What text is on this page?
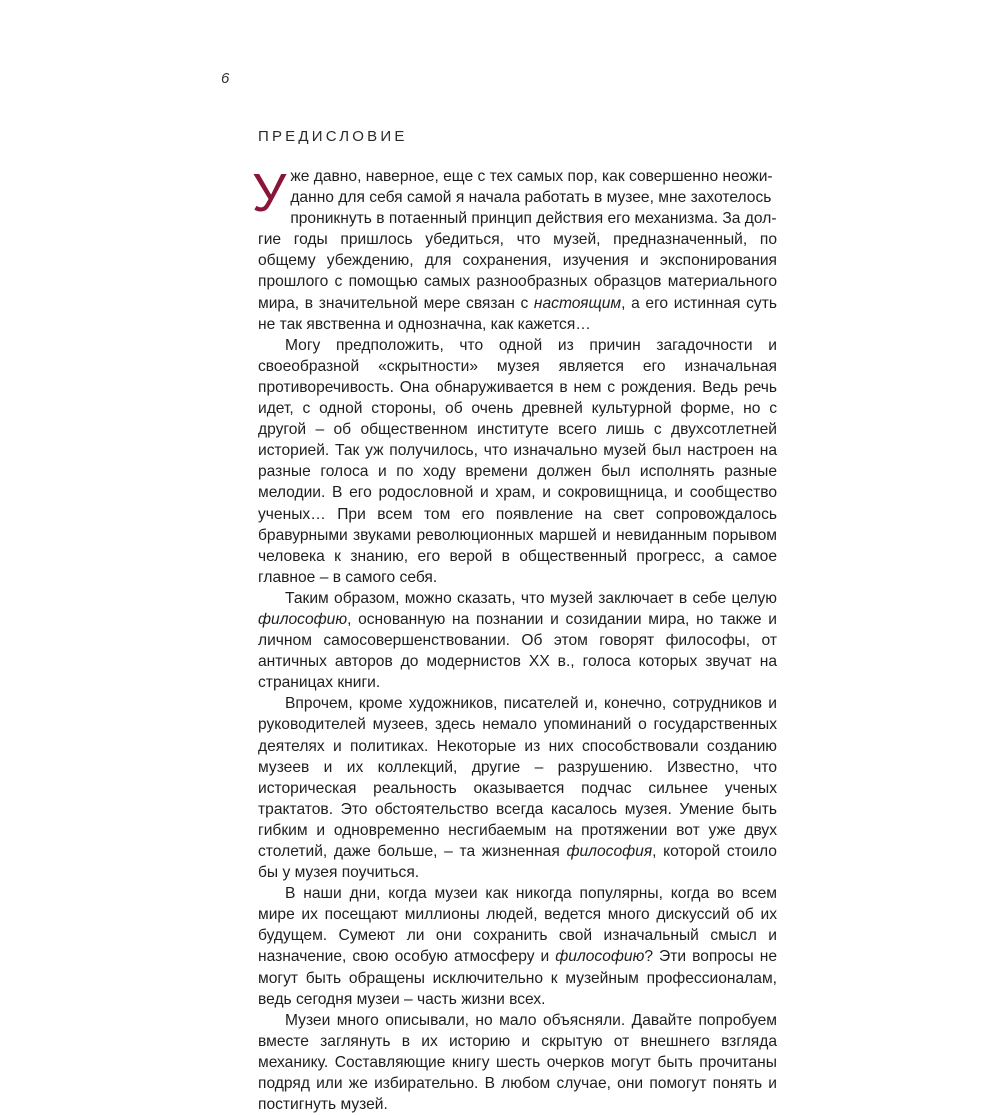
6
ПРЕДИСЛОВИЕ

У же давно, наверное, еще с тех самых пор, как совершенно неожи-
данно для себя самой я начала работать в музее, мне захотелось
проникнуть в потаенный принцип действия его механизма. За дол-
гие годы пришлось убедиться, что музей, предназначенный, по общему убеждению, для сохранения, изучения и экспонирования прошлого с помощью самых разнообразных образцов материального мира, в значительной мере связан с настоящим, а его истинная суть не так явственна и однозначна, как кажется…

Могу предположить, что одной из причин загадочности и своеобразной «скрытности» музея является его изначальная противоречивость. Она обнаруживается в нем с рождения. Ведь речь идет, с одной стороны, об очень древней культурной форме, но с другой – об общественном институте всего лишь с двухсотлетней историей. Так уж получилось, что изначально музей был настроен на разные голоса и по ходу времени должен был исполнять разные мелодии. В его родословной и храм, и сокровищница, и сообщество ученых… При всем том его появление на свет сопровождалось бравурными звуками революционных маршей и невиданным порывом человека к знанию, его верой в общественный прогресс, а самое главное – в самого себя.

Таким образом, можно сказать, что музей заключает в себе целую философию, основанную на познании и созидании мира, но также и личном самосовершенствовании. Об этом говорят философы, от античных авторов до модернистов XX в., голоса которых звучат на страницах книги.

Впрочем, кроме художников, писателей и, конечно, сотрудников и руководителей музеев, здесь немало упоминаний о государственных деятелях и политиках. Некоторые из них способствовали созданию музеев и их коллекций, другие – разрушению. Известно, что историческая реальность оказывается подчас сильнее ученых трактатов. Это обстоятельство всегда касалось музея. Умение быть гибким и одновременно несгибаемым на протяжении вот уже двух столетий, даже больше, – та жизненная философия, которой стоило бы у музея поучиться.

В наши дни, когда музеи как никогда популярны, когда во всем мире их посещают миллионы людей, ведется много дискуссий об их будущем. Сумеют ли они сохранить свой изначальный смысл и назначение, свою особую атмосферу и философию? Эти вопросы не могут быть обращены исключительно к музейным профессионалам, ведь сегодня музеи – часть жизни всех.

Музеи много описывали, но мало объясняли. Давайте попробуем вместе заглянуть в их историю и скрытую от внешнего взгляда механику. Составляющие книгу шесть очерков могут быть прочитаны подряд или же избирательно. В любом случае, они помогут понять и постигнуть музей.
